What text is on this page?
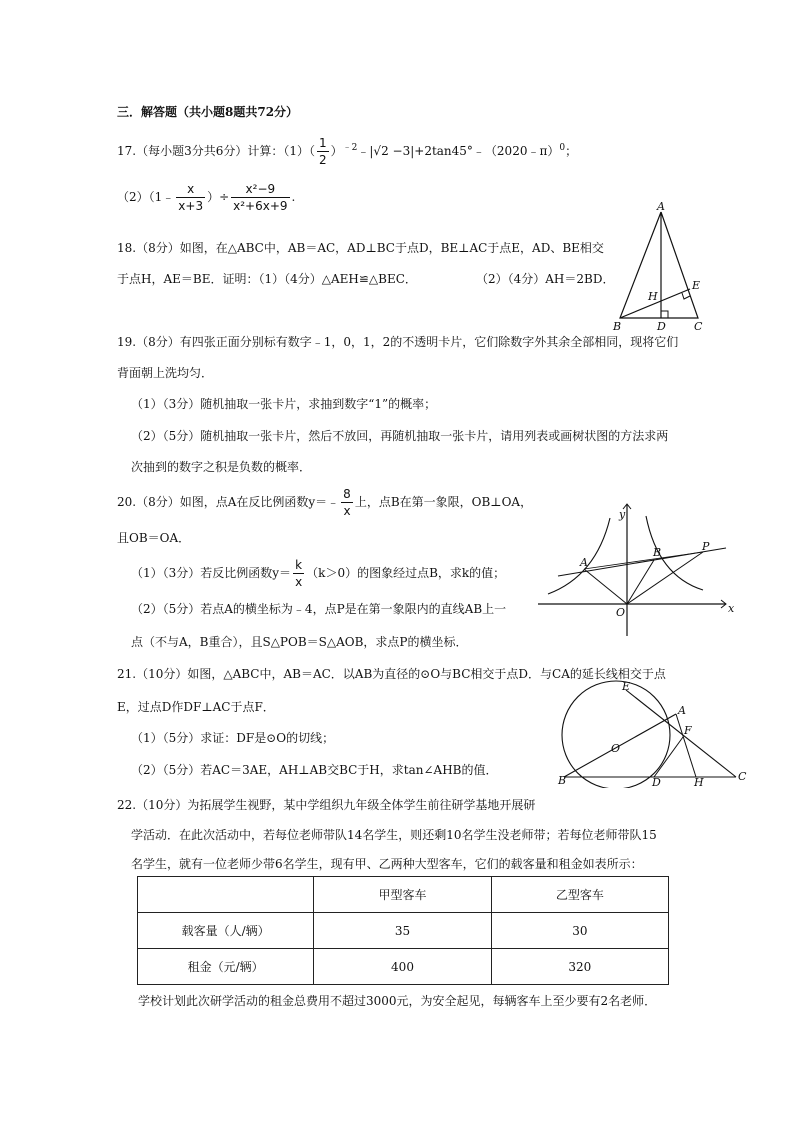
三．解答题（共小题8题共72分）
17.（每小题3分共6分）计算：$(1)( \frac{1}{2}$ ）$^{﹣2}﹣|√2$ −3|+2tan45°﹣（2020﹣π）$^0$；
（2）（1﹣ $\frac{x}{x+3}$ ）÷ $\frac{\text{x²−9}}{\text{x²+6x+9}}$ .
18.（8分）如图，在△ABC中，AB＝AC，AD⊥BC于点D，BE⊥AC于点E，AD、BE相交
于点H，AE＝BE．证明：（1）（4分）△AEH≌△BEC．	（2）（4分）AH＝2BD．
A
B	D	C
H
E
19.（8分）有四张正面分别标有数字﹣1，0，1，2的不透明卡片，它们除数字外其余全部相同，现将它们
背面朝上洗均匀．
（1）（3分）随机抽取一张卡片，求抽到数字“1”的概率；
（2）（5分）随机抽取一张卡片，然后不放回，再随机抽取一张卡片，请用列表或画树状图的方法求两
次抽到的数字之积是负数的概率．
20.（8分）如图，点A在反比例函数y＝﹣ $\frac{8}{x}$ 上，点B在第一象限，OB⊥OA，
且OB＝OA．
（1）（3分）若反比例函数$y= \frac{k}{x} (k>0)$的图象经过点B，求k的值；
（2）（5分）若点A的横坐标为﹣4，点P是在第一象限内的直线AB上一
点（不与A，B重合），且S△POB＝S△AOB，求点P的横坐标．
y
x
O
A
B	P
21.（10分）如图，△ABC中，AB＝AC．以AB为直径的⊙O与BC相交于点D．与CA的延长线相交于点
E，过点D作DF⊥AC于点F．
（1）（5分）求证：DF是⊙O的切线；
（2）（5分）若AC＝3AE，AH⊥AB交BC于H，求tan∠AHB的值．
E
A
F
O
B	D	H	C
22.（10分）为拓展学生视野，某中学组织九年级全体学生前往研学基地开展研
学活动．在此次活动中，若每位老师带队14名学生，则还剩10名学生没老师带；若每位老师带队15
名学生，就有一位老师少带6名学生，现有甲、乙两种大型客车，它们的载客量和租金如表所示：
	甲型客车	乙型客车
载客量（人/辆）	35	30
租金（元/辆）	400	320
学校计划此次研学活动的租金总费用不超过3000元，为安全起见，每辆客车上至少要有2名老师．
